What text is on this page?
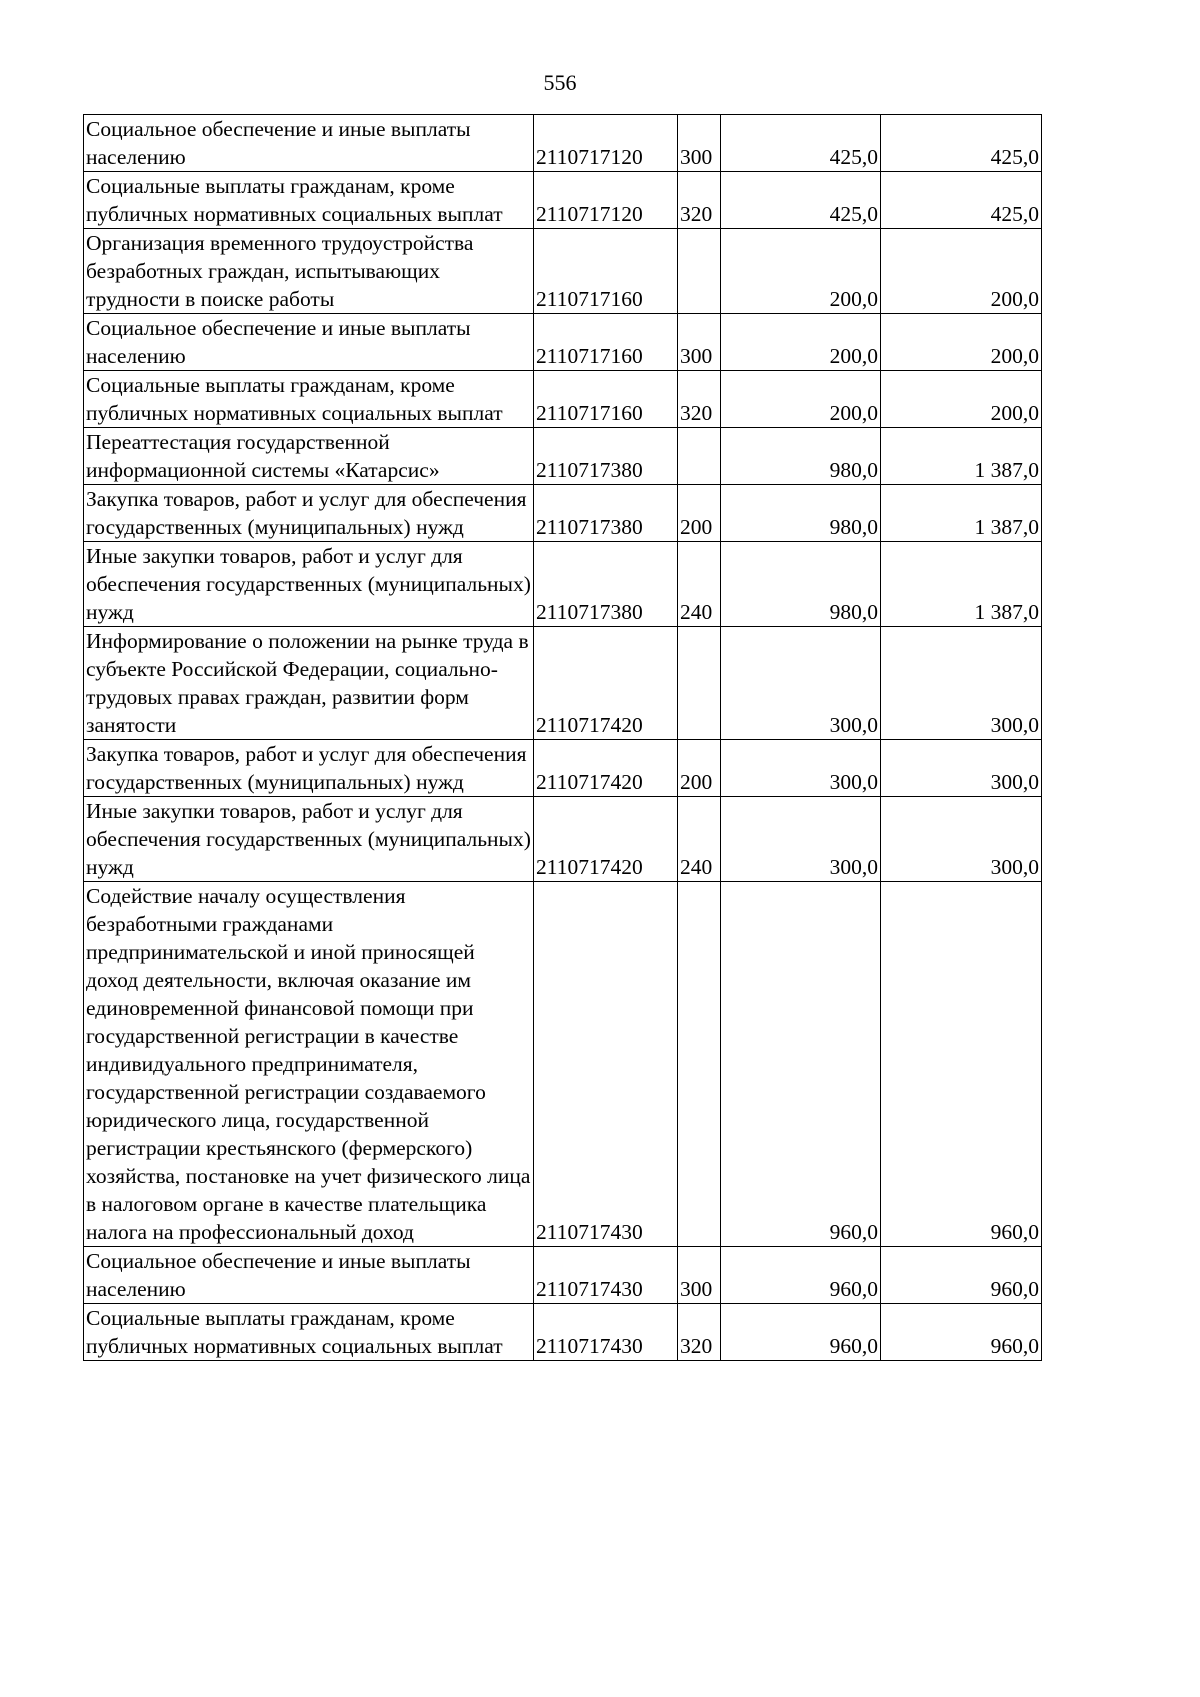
556
Социальное обеспечение и иные выплаты населению	2110717120	300	425,0	425,0
Социальные выплаты гражданам, кроме публичных нормативных социальных выплат	2110717120	320	425,0	425,0
Организация временного трудоустройства безработных граждан, испытывающих трудности в поиске работы	2110717160		200,0	200,0
Социальное обеспечение и иные выплаты населению	2110717160	300	200,0	200,0
Социальные выплаты гражданам, кроме публичных нормативных социальных выплат	2110717160	320	200,0	200,0
Переаттестация государственной информационной системы «Катарсис»	2110717380		980,0	1 387,0
Закупка товаров, работ и услуг для обеспечения государственных (муниципальных) нужд	2110717380	200	980,0	1 387,0
Иные закупки товаров, работ и услуг для обеспечения государственных (муниципальных) нужд	2110717380	240	980,0	1 387,0
Информирование о положении на рынке труда в субъекте Российской Федерации, социально-трудовых правах граждан, развитии форм занятости	2110717420		300,0	300,0
Закупка товаров, работ и услуг для обеспечения государственных (муниципальных) нужд	2110717420	200	300,0	300,0
Иные закупки товаров, работ и услуг для обеспечения государственных (муниципальных) нужд	2110717420	240	300,0	300,0
Содействие началу осуществления безработными гражданами предпринимательской и иной приносящей доход деятельности, включая оказание им единовременной финансовой помощи при государственной регистрации в качестве индивидуального предпринимателя, государственной регистрации создаваемого юридического лица, государственной регистрации крестьянского (фермерского) хозяйства, постановке на учет физического лица в налоговом органе в качестве плательщика налога на профессиональный доход	2110717430		960,0	960,0
Социальное обеспечение и иные выплаты населению	2110717430	300	960,0	960,0
Социальные выплаты гражданам, кроме публичных нормативных социальных выплат	2110717430	320	960,0	960,0
